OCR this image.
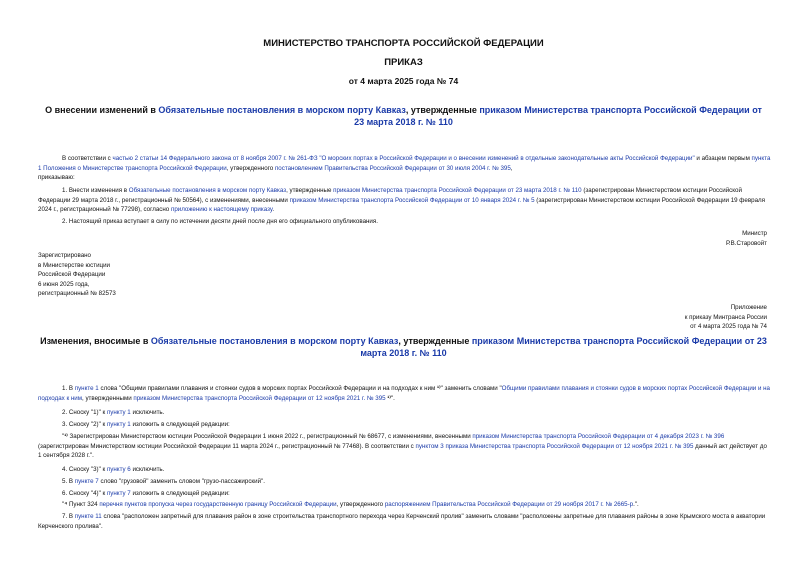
МИНИСТЕРСТВО ТРАНСПОРТА РОССИЙСКОЙ ФЕДЕРАЦИИ
ПРИКАЗ
от 4 марта 2025 года № 74
О внесении изменений в Обязательные постановления в морском порту Кавказ, утвержденные приказом Министерства транспорта Российской Федерации от 23 марта 2018 г. № 110

В соответствии с частью 2 статьи 14 Федерального закона от 8 ноября 2007 г. № 261-ФЗ "О морских портах в Российской Федерации и о внесении изменений в отдельные законодательные акты Российской Федерации" и абзацем первым пункта 1 Положения о Министерстве транспорта Российской Федерации, утвержденного постановлением Правительства Российской Федерации от 30 июля 2004 г. № 395,
приказываю:

1. Внести изменения в Обязательные постановления в морском порту Кавказ, утвержденные приказом Министерства транспорта Российской Федерации от 23 марта 2018 г. № 110 (зарегистрирован Министерством юстиции Российской Федерации 29 марта 2018 г., регистрационный № 50564), с изменениями, внесенными приказом Министерства транспорта Российской Федерации от 10 января 2024 г. № 5 (зарегистрирован Министерством юстиции Российской Федерации 19 февраля 2024 г., регистрационный № 77298), согласно приложению к настоящему приказу.

2. Настоящий приказ вступает в силу по истечении десяти дней после дня его официального опубликования.

Министр
Р.В.Старовойт
Зарегистрировано
в Министерстве юстиции
Российской Федерации
6 июня 2025 года,
регистрационный № 82573
Приложение
к приказу Минтранса России
от 4 марта 2025 года № 74
Изменения, вносимые в Обязательные постановления в морском порту Кавказ, утвержденные приказом Министерства транспорта Российской Федерации от 23 марта 2018 г. № 110

1. В пункте 1 слова "Общими правилами плавания и стоянки судов в морских портах Российской Федерации и на подходах к ним ¹⁾" заменить словами "Общими правилами плавания и стоянки судов в морских портах Российской Федерации и на подходах к ним, утвержденными приказом Министерства транспорта Российской Федерации от 12 ноября 2021 г. № 395 ¹⁾".

2. Сноску "1)" к пункту 1 исключить.

3. Сноску "2)" к пункту 1 изложить в следующей редакции:

"¹⁾ Зарегистрирован Министерством юстиции Российской Федерации 1 июня 2022 г., регистрационный № 68677, с изменениями, внесенными приказом Министерства транспорта Российской Федерации от 4 декабря 2023 г. № 396 (зарегистрирован Министерством юстиции Российской Федерации 11 марта 2024 г., регистрационный № 77468). В соответствии с пунктом 3 приказа Министерства транспорта Российской Федерации от 12 ноября 2021 г. № 395 данный акт действует до 1 сентября 2028 г.".

4. Сноску "3)" к пункту 6 исключить.

5. В пункте 7 слово "грузовой" заменить словом "грузо-пассажирский".

6. Сноску "4)" к пункту 7 изложить в следующей редакции:

"⁴ Пункт 324 перечня пунктов пропуска через государственную границу Российской Федерации, утвержденного распоряжением Правительства Российской Федерации от 29 ноября 2017 г. № 2665-р.".

7. В пункте 11 слова "расположен запретный для плавания район в зоне строительства транспортного перехода через Керченский пролив" заменить словами "расположены запретные для плавания районы в зоне Крымского моста в акватории Керченского пролива".
